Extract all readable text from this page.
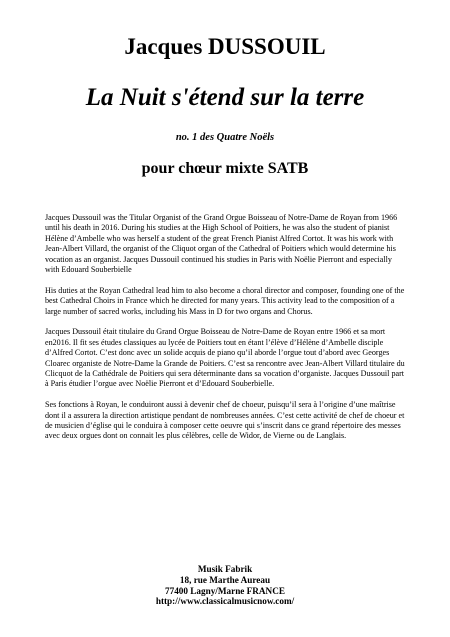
Jacques DUSSOUIL
La Nuit s'étend sur la terre
no. 1 des Quatre Noëls
pour chœur mixte SATB

Jacques Dussouil was the Titular Organist of the Grand Orgue Boisseau of Notre-Dame de Royan from 1966 until his death in 2016. During his studies at the High School of Poitiers, he was also the student of pianist Hélène d’Ambelle who was herself a student of the great French Pianist Alfred Cortot. It was his work with Jean-Albert Villard, the organist of the Cliquot organ of the Cathedral of Poitiers which would determine his vocation as an organist. Jacques Dussouil continued his studies in Paris with Noëlie Pierront and especially with Edouard Souberbielle

His duties at the Royan Cathedral lead him to also become a choral director and composer, founding one of the best Cathedral Choirs in France which he directed for many years. This activity lead to the composition of a large number of sacred works, including his Mass in D for two organs and Chorus.

Jacques Dussouil était titulaire du Grand Orgue Boisseau de Notre-Dame de Royan entre 1966 et sa mort en2016. Il fit ses études classiques au lycée de Poitiers tout en étant l’élève d’Hélène d’Ambelle disciple d’Alfred Cortot. C’est donc avec un solide acquis de piano qu’il aborde l’orgue tout d’abord avec Georges Cloarec organiste de Notre-Dame la Grande de Poitiers. C’est sa rencontre avec Jean-Albert Villard titulaire du Clicquot de la Cathédrale de Poitiers qui sera déterminante dans sa vocation d’organiste. Jacques Dussouil part à Paris étudier l’orgue avec Noëlie Pierront et d’Edouard Souberbielle.

Ses fonctions à Royan, le conduiront aussi à devenir chef de choeur, puisqu’il sera à l’origine d’une maîtrise dont il a assurera la direction artistique pendant de nombreuses années. C’est cette activité de chef de choeur et de musicien d’église qui le conduira à composer cette oeuvre qui s’inscrit dans ce grand répertoire des messes avec deux orgues dont on connait les plus célèbres, celle de Widor, de Vierne ou de Langlais.

Musik Fabrik
18, rue Marthe Aureau
77400 Lagny/Marne FRANCE
http://www.classicalmusicnow.com/
